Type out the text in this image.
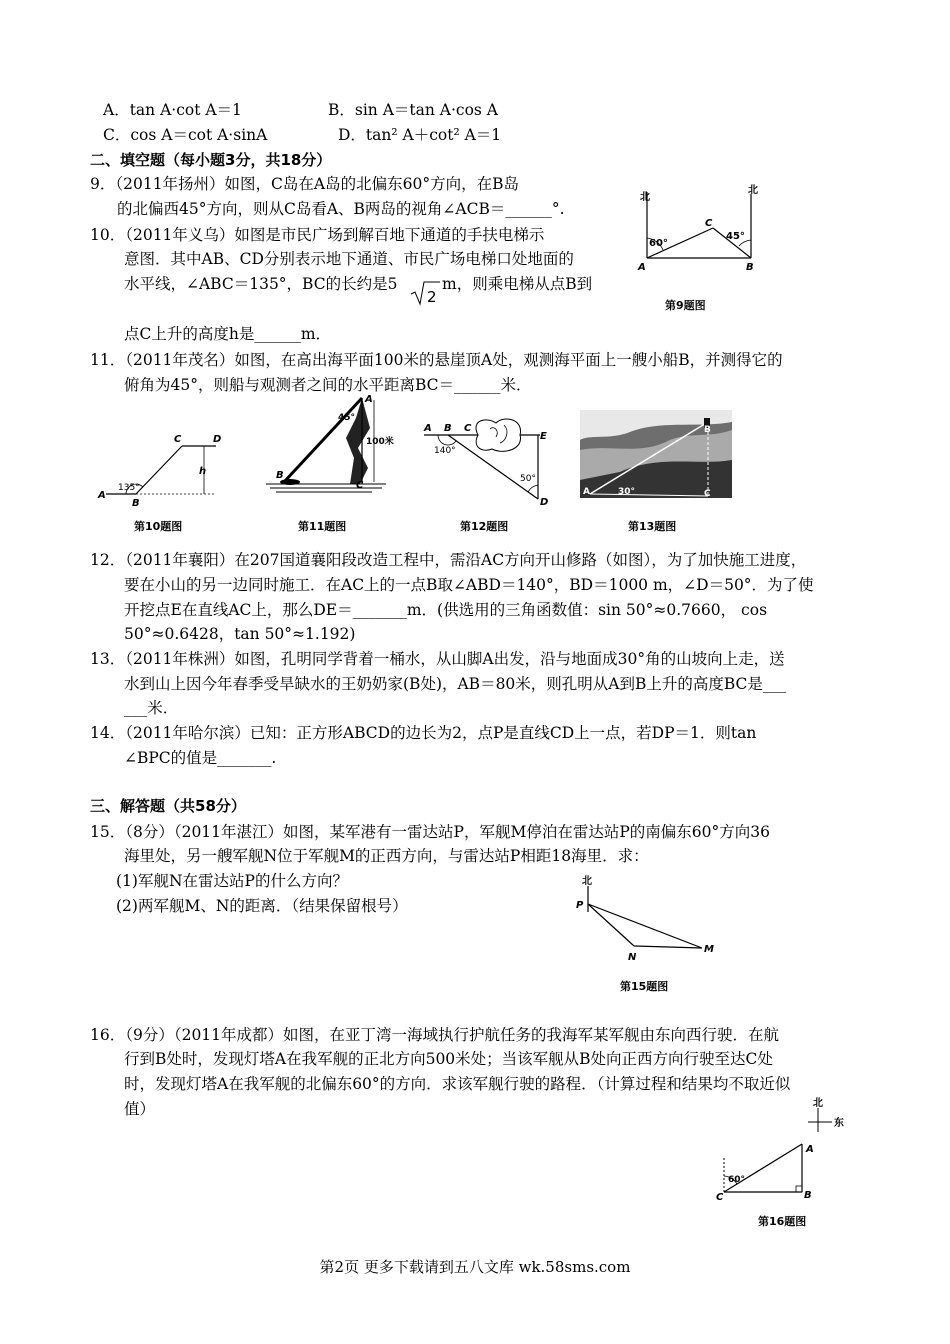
A．tan A·cot A＝1	B．sin A＝tan A·cos A
C．cos A＝cot A·sinA	D．tan² A＋cot² A＝1
二、填空题（每小题3分，共18分）
9．（2011年扬州）如图，C岛在A岛的北偏东60°方向，在B岛
的北偏西45°方向，则从C岛看A、B两岛的视角∠ACB＝______°.
10．（2011年义乌）如图是市民广场到解百地下通道的手扶电梯示
意图．其中AB、CD分别表示地下通道、市民广场电梯口处地面的
水平线，∠ABC＝135°，BC的长约是5
2
m，则乘电梯从点B到
点C上升的高度h是______m．
北
北
60°
45°
A	B
C
第9题图
11．（2011年茂名）如图，在高出海平面100米的悬崖顶A处，观测海平面上一艘小船B，并测得它的
俯角为45°，则船与观测者之间的水平距离BC＝______米．
A
B
C	D
h
135°
第10题图
45°
A
B
C
100米
第11题图
A B C
E
D
140°
50°
第12题图
B
A	C
30°
第13题图
12．（2011年襄阳）在207国道襄阳段改造工程中，需沿AC方向开山修路（如图），为了加快施工进度，
要在小山的另一边同时施工．在AC上的一点B取∠ABD＝140°，BD＝1000 m，∠D＝50°．为了使
开挖点E在直线AC上，那么DE＝_______m．(供选用的三角函数值：sin 50°≈0.7660， cos
50°≈0.6428，tan 50°≈1.192)
13．（2011年株洲）如图，孔明同学背着一桶水，从山脚A出发，沿与地面成30°角的山坡向上走，送
水到山上因今年春季受旱缺水的王奶奶家(B处)，AB＝80米，则孔明从A到B上升的高度BC是___
___米．
14．（2011年哈尔滨）已知：正方形ABCD的边长为2，点P是直线CD上一点，若DP＝1．则tan
∠BPC的值是_______.
三、解答题（共58分）
15．（8分）（2011年湛江）如图，某军港有一雷达站P，军舰M停泊在雷达站P的南偏东60°方向36
海里处，另一艘军舰N位于军舰M的正西方向，与雷达站P相距18海里．求：
(1)军舰N在雷达站P的什么方向？
(2)两军舰M、N的距离．（结果保留根号）
北
P
N
M
第15题图
16．（9分）（2011年成都）如图，在亚丁湾一海域执行护航任务的我海军某军舰由东向西行驶．在航
行到B处时，发现灯塔A在我军舰的正北方向500米处；当该军舰从B处向正西方向行驶至达C处
时，发现灯塔A在我军舰的北偏东60°的方向．求该军舰行驶的路程．（计算过程和结果均不取近似
值）	北
东
60°
A
B
C
第16题图
第2页 更多下载请到五八文库 wk.58sms.com
